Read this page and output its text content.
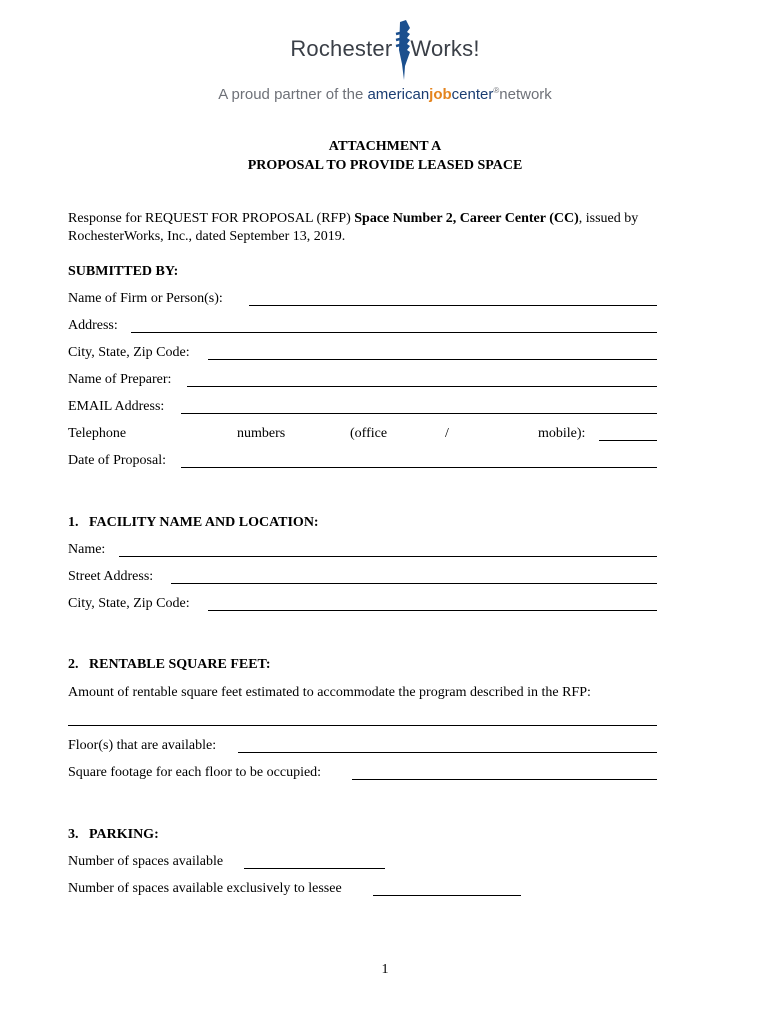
Rochester Works!
A proud partner of the americanjobcenter®network
ATTACHMENT A
PROPOSAL TO PROVIDE LEASED SPACE
Response for REQUEST FOR PROPOSAL (RFP) Space Number 2, Career Center (CC), issued by
RochesterWorks, Inc., dated September 13, 2019.
SUBMITTED BY:
Name of Firm or Person(s):
Address:
City, State, Zip Code:
Name of Preparer:
EMAIL Address:
Telephone	numbers	(office	/	mobile):
Date of Proposal:
1.   FACILITY NAME AND LOCATION:
Name:
Street Address:
City, State, Zip Code:
2.   RENTABLE SQUARE FEET:
Amount of rentable square feet estimated to accommodate the program described in the RFP:
Floor(s) that are available:
Square footage for each floor to be occupied:
3.   PARKING:
Number of spaces available
Number of spaces available exclusively to lessee
1
